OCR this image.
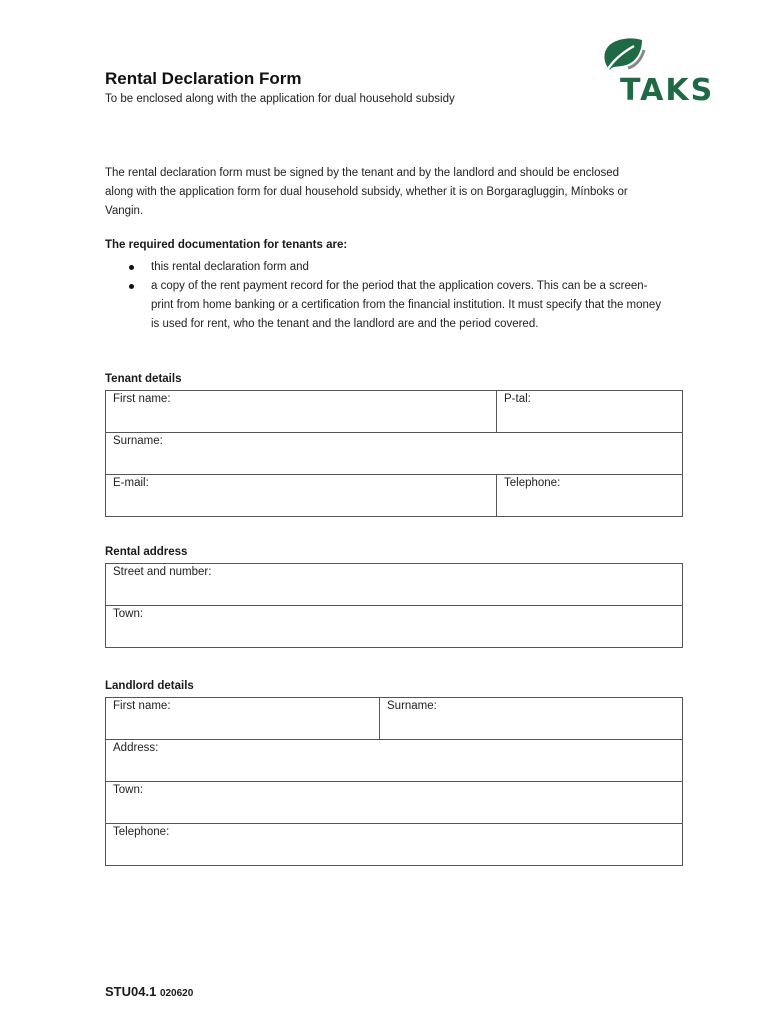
TAKS
Rental Declaration Form
To be enclosed along with the application for dual household subsidy

The rental declaration form must be signed by the tenant and by the landlord and should be enclosed along with the application form for dual household subsidy, whether it is on Borgaragluggin, Mínboks or Vangin.

The required documentation for tenants are:
this rental declaration form and
a copy of the rent payment record for the period that the application covers. This can be a screen-print from home banking or a certification from the financial institution. It must specify that the money is used for rent, who the tenant and the landlord are and the period covered.
Tenant details
First name:	P-tal:
Surname:	
E-mail:	Telephone:
Rental address
Street and number:
Town:
Landlord details
First name:	Surname:
Address:
Town:
Telephone:
STU04.1 020620
